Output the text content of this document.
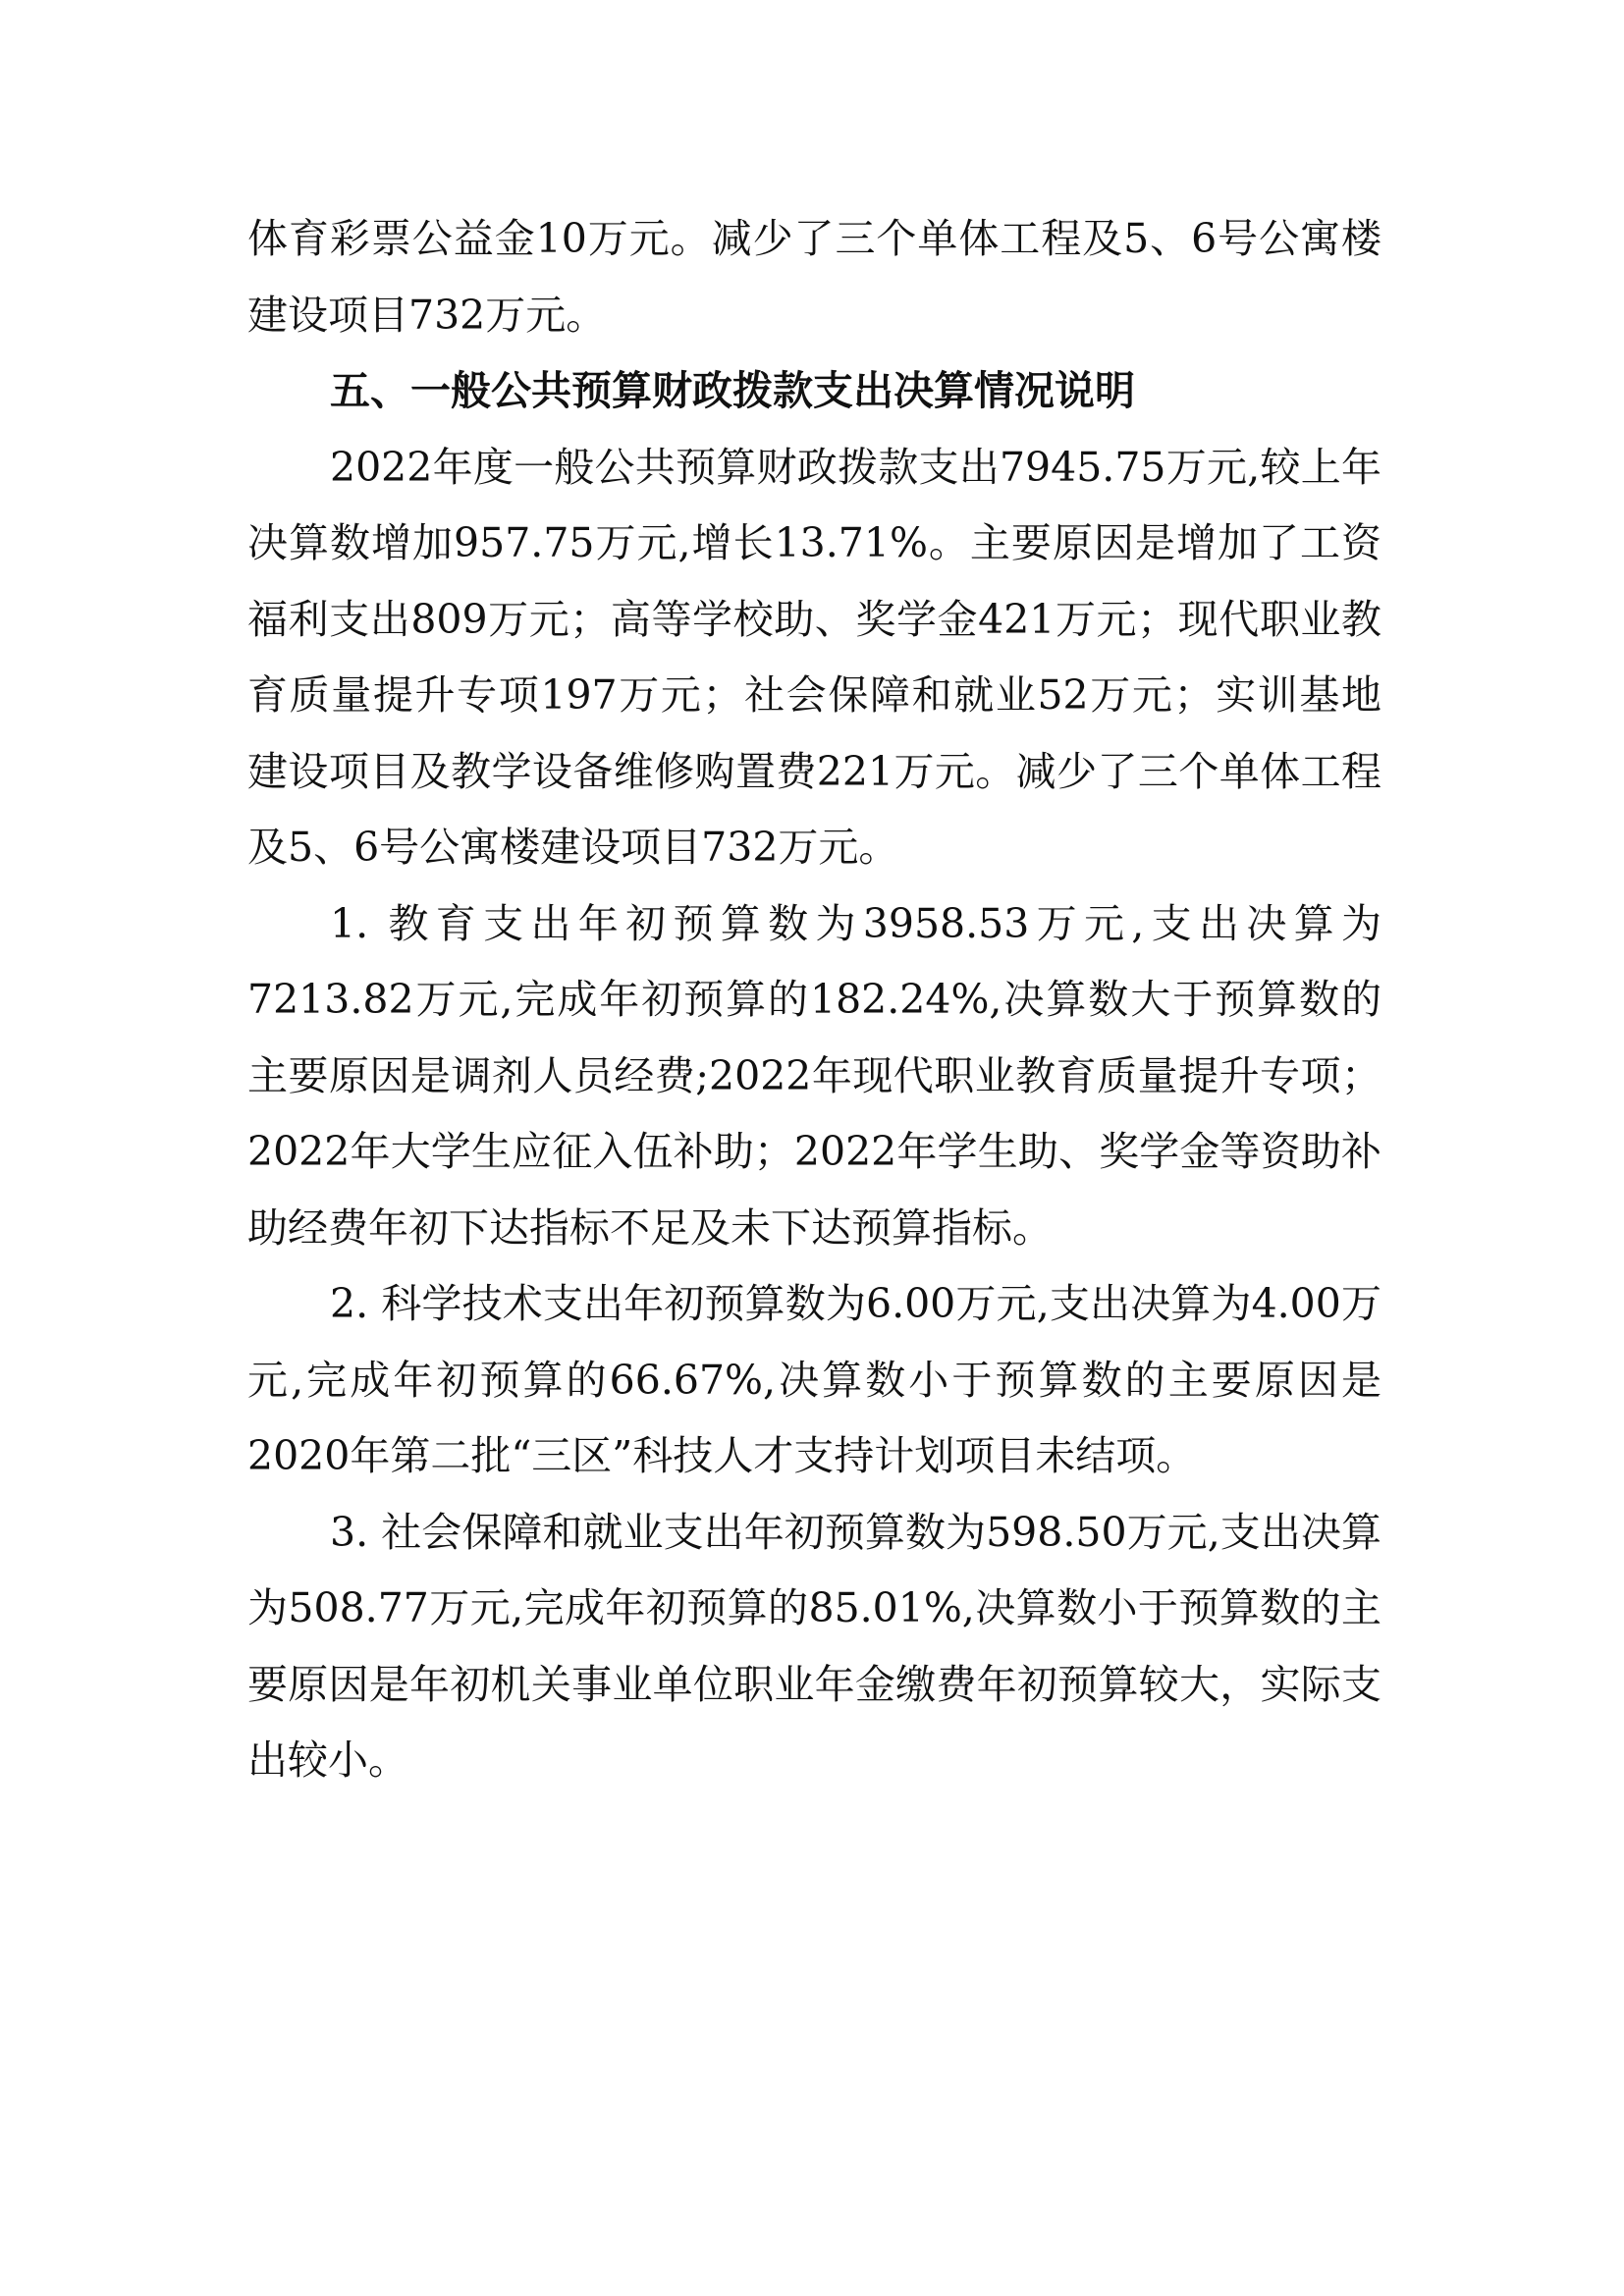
体育彩票公益金10万元。减少了三个单体工程及5、6号公寓楼建设项目732万元。

五、一般公共预算财政拨款支出决算情况说明

2022年度一般公共预算财政拨款支出7945.75万元,较上年决算数增加957.75万元,增长13.71%。主要原因是增加了工资福利支出809万元；高等学校助、奖学金421万元；现代职业教育质量提升专项197万元；社会保障和就业52万元；实训基地建设项目及教学设备维修购置费221万元。减少了三个单体工程及5、6号公寓楼建设项目732万元。

1. 教育支出年初预算数为3958.53万元,支出决算为7213.82万元,完成年初预算的182.24%,决算数大于预算数的主要原因是调剂人员经费;2022年现代职业教育质量提升专项；2022年大学生应征入伍补助；2022年学生助、奖学金等资助补助经费年初下达指标不足及未下达预算指标。

2. 科学技术支出年初预算数为6.00万元,支出决算为4.00万元,完成年初预算的66.67%,决算数小于预算数的主要原因是2020年第二批“三区”科技人才支持计划项目未结项。

3. 社会保障和就业支出年初预算数为598.50万元,支出决算为508.77万元,完成年初预算的85.01%,决算数小于预算数的主要原因是年初机关事业单位职业年金缴费年初预算较大，实际支出较小。
